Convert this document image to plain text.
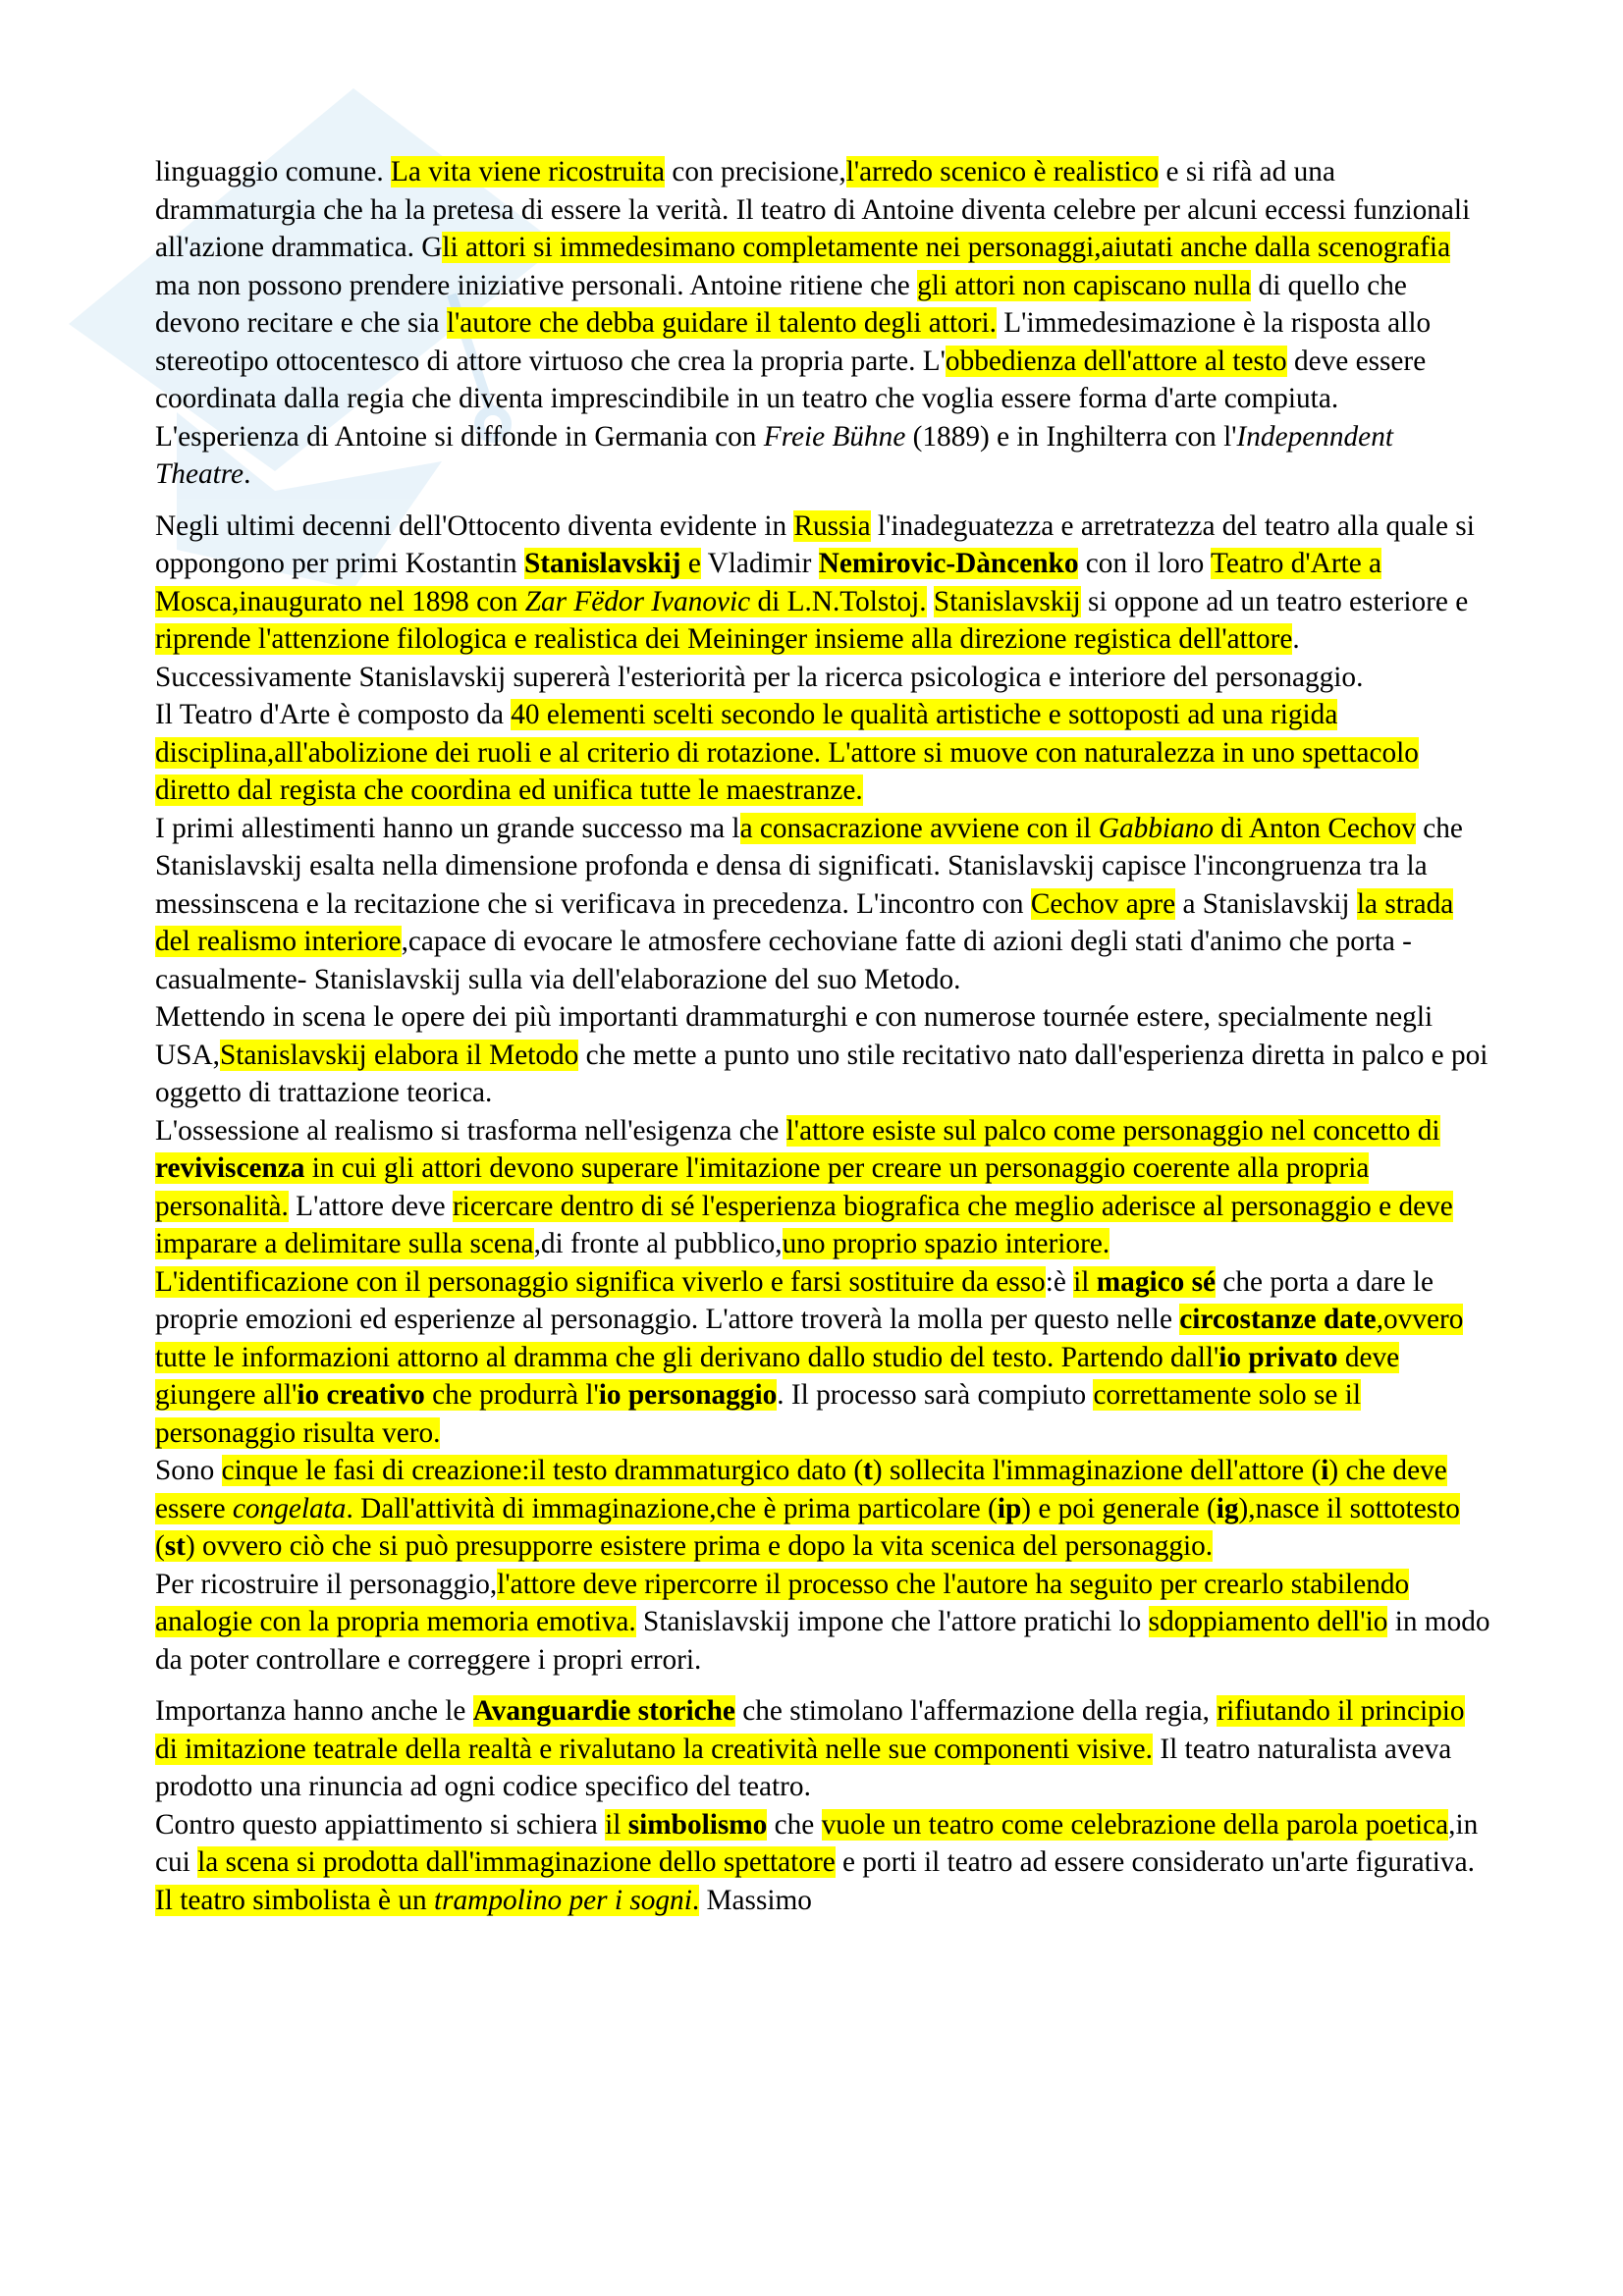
linguaggio comune. La vita viene ricostruita con precisione,l'arredo scenico è realistico e si rifà ad una drammaturgia che ha la pretesa di essere la verità. Il teatro di Antoine diventa celebre per alcuni eccessi funzionali all'azione drammatica. Gli attori si immedesimano completamente nei personaggi,aiutati anche dalla scenografia ma non possono prendere iniziative personali. Antoine ritiene che gli attori non capiscano nulla di quello che devono recitare e che sia l'autore che debba guidare il talento degli attori. L'immedesimazione è la risposta allo stereotipo ottocentesco di attore virtuoso che crea la propria parte. L'obbedienza dell'attore al testo deve essere coordinata dalla regia che diventa imprescindibile in un teatro che voglia essere forma d'arte compiuta.

L'esperienza di Antoine si diffonde in Germania con Freie Bühne (1889) e in Inghilterra con l'Indepenndent Theatre.

Negli ultimi decenni dell'Ottocento diventa evidente in Russia l'inadeguatezza e arretratezza del teatro alla quale si oppongono per primi Kostantin Stanislavskij e Vladimir Nemirovic-Dàncenko con il loro Teatro d'Arte a Mosca,inaugurato nel 1898 con Zar Fëdor Ivanovic di L.N.Tolstoj. Stanislavskij si oppone ad un teatro esteriore e riprende l'attenzione filologica e realistica dei Meininger insieme alla direzione registica dell'attore. Successivamente Stanislavskij supererà l'esteriorità per la ricerca psicologica e interiore del personaggio.

Il Teatro d'Arte è composto da 40 elementi scelti secondo le qualità artistiche e sottoposti ad una rigida disciplina,all'abolizione dei ruoli e al criterio di rotazione. L'attore si muove con naturalezza in uno spettacolo diretto dal regista che coordina ed unifica tutte le maestranze.

I primi allestimenti hanno un grande successo ma la consacrazione avviene con il Gabbiano di Anton Cechov che Stanislavskij esalta nella dimensione profonda e densa di significati. Stanislavskij capisce l'incongruenza tra la messinscena e la recitazione che si verificava in precedenza. L'incontro con Cechov apre a Stanislavskij la strada del realismo interiore,capace di evocare le atmosfere cechoviane fatte di azioni degli stati d'animo che porta -casualmente- Stanislavskij sulla via dell'elaborazione del suo Metodo.

Mettendo in scena le opere dei più importanti drammaturghi e con numerose tournée estere, specialmente negli USA,Stanislavskij elabora il Metodo che mette a punto uno stile recitativo nato dall'esperienza diretta in palco e poi oggetto di trattazione teorica.

L'ossessione al realismo si trasforma nell'esigenza che l'attore esiste sul palco come personaggio nel concetto di reviviscenza in cui gli attori devono superare l'imitazione per creare un personaggio coerente alla propria personalità. L'attore deve ricercare dentro di sé l'esperienza biografica che meglio aderisce al personaggio e deve imparare a delimitare sulla scena,di fronte al pubblico,uno proprio spazio interiore.

L'identificazione con il personaggio significa viverlo e farsi sostituire da esso:è il magico sé che porta a dare le proprie emozioni ed esperienze al personaggio. L'attore troverà la molla per questo nelle circostanze date,ovvero tutte le informazioni attorno al dramma che gli derivano dallo studio del testo. Partendo dall'io privato deve giungere all'io creativo che produrrà l'io personaggio. Il processo sarà compiuto correttamente solo se il personaggio risulta vero.

Sono cinque le fasi di creazione:il testo drammaturgico dato (t) sollecita l'immaginazione dell'attore (i) che deve essere congelata. Dall'attività di immaginazione,che è prima particolare (ip) e poi generale (ig),nasce il sottotesto (st) ovvero ciò che si può presupporre esistere prima e dopo la vita scenica del personaggio.

Per ricostruire il personaggio,l'attore deve ripercorre il processo che l'autore ha seguito per crearlo stabilendo analogie con la propria memoria emotiva. Stanislavskij impone che l'attore pratichi lo sdoppiamento dell'io in modo da poter controllare e correggere i propri errori.

Importanza hanno anche le Avanguardie storiche che stimolano l'affermazione della regia, rifiutando il principio di imitazione teatrale della realtà e rivalutano la creatività nelle sue componenti visive. Il teatro naturalista aveva prodotto una rinuncia ad ogni codice specifico del teatro.

Contro questo appiattimento si schiera il simbolismo che vuole un teatro come celebrazione della parola poetica,in cui la scena si prodotta dall'immaginazione dello spettatore e porti il teatro ad essere considerato un'arte figurativa. Il teatro simbolista è un trampolino per i sogni. Massimo
